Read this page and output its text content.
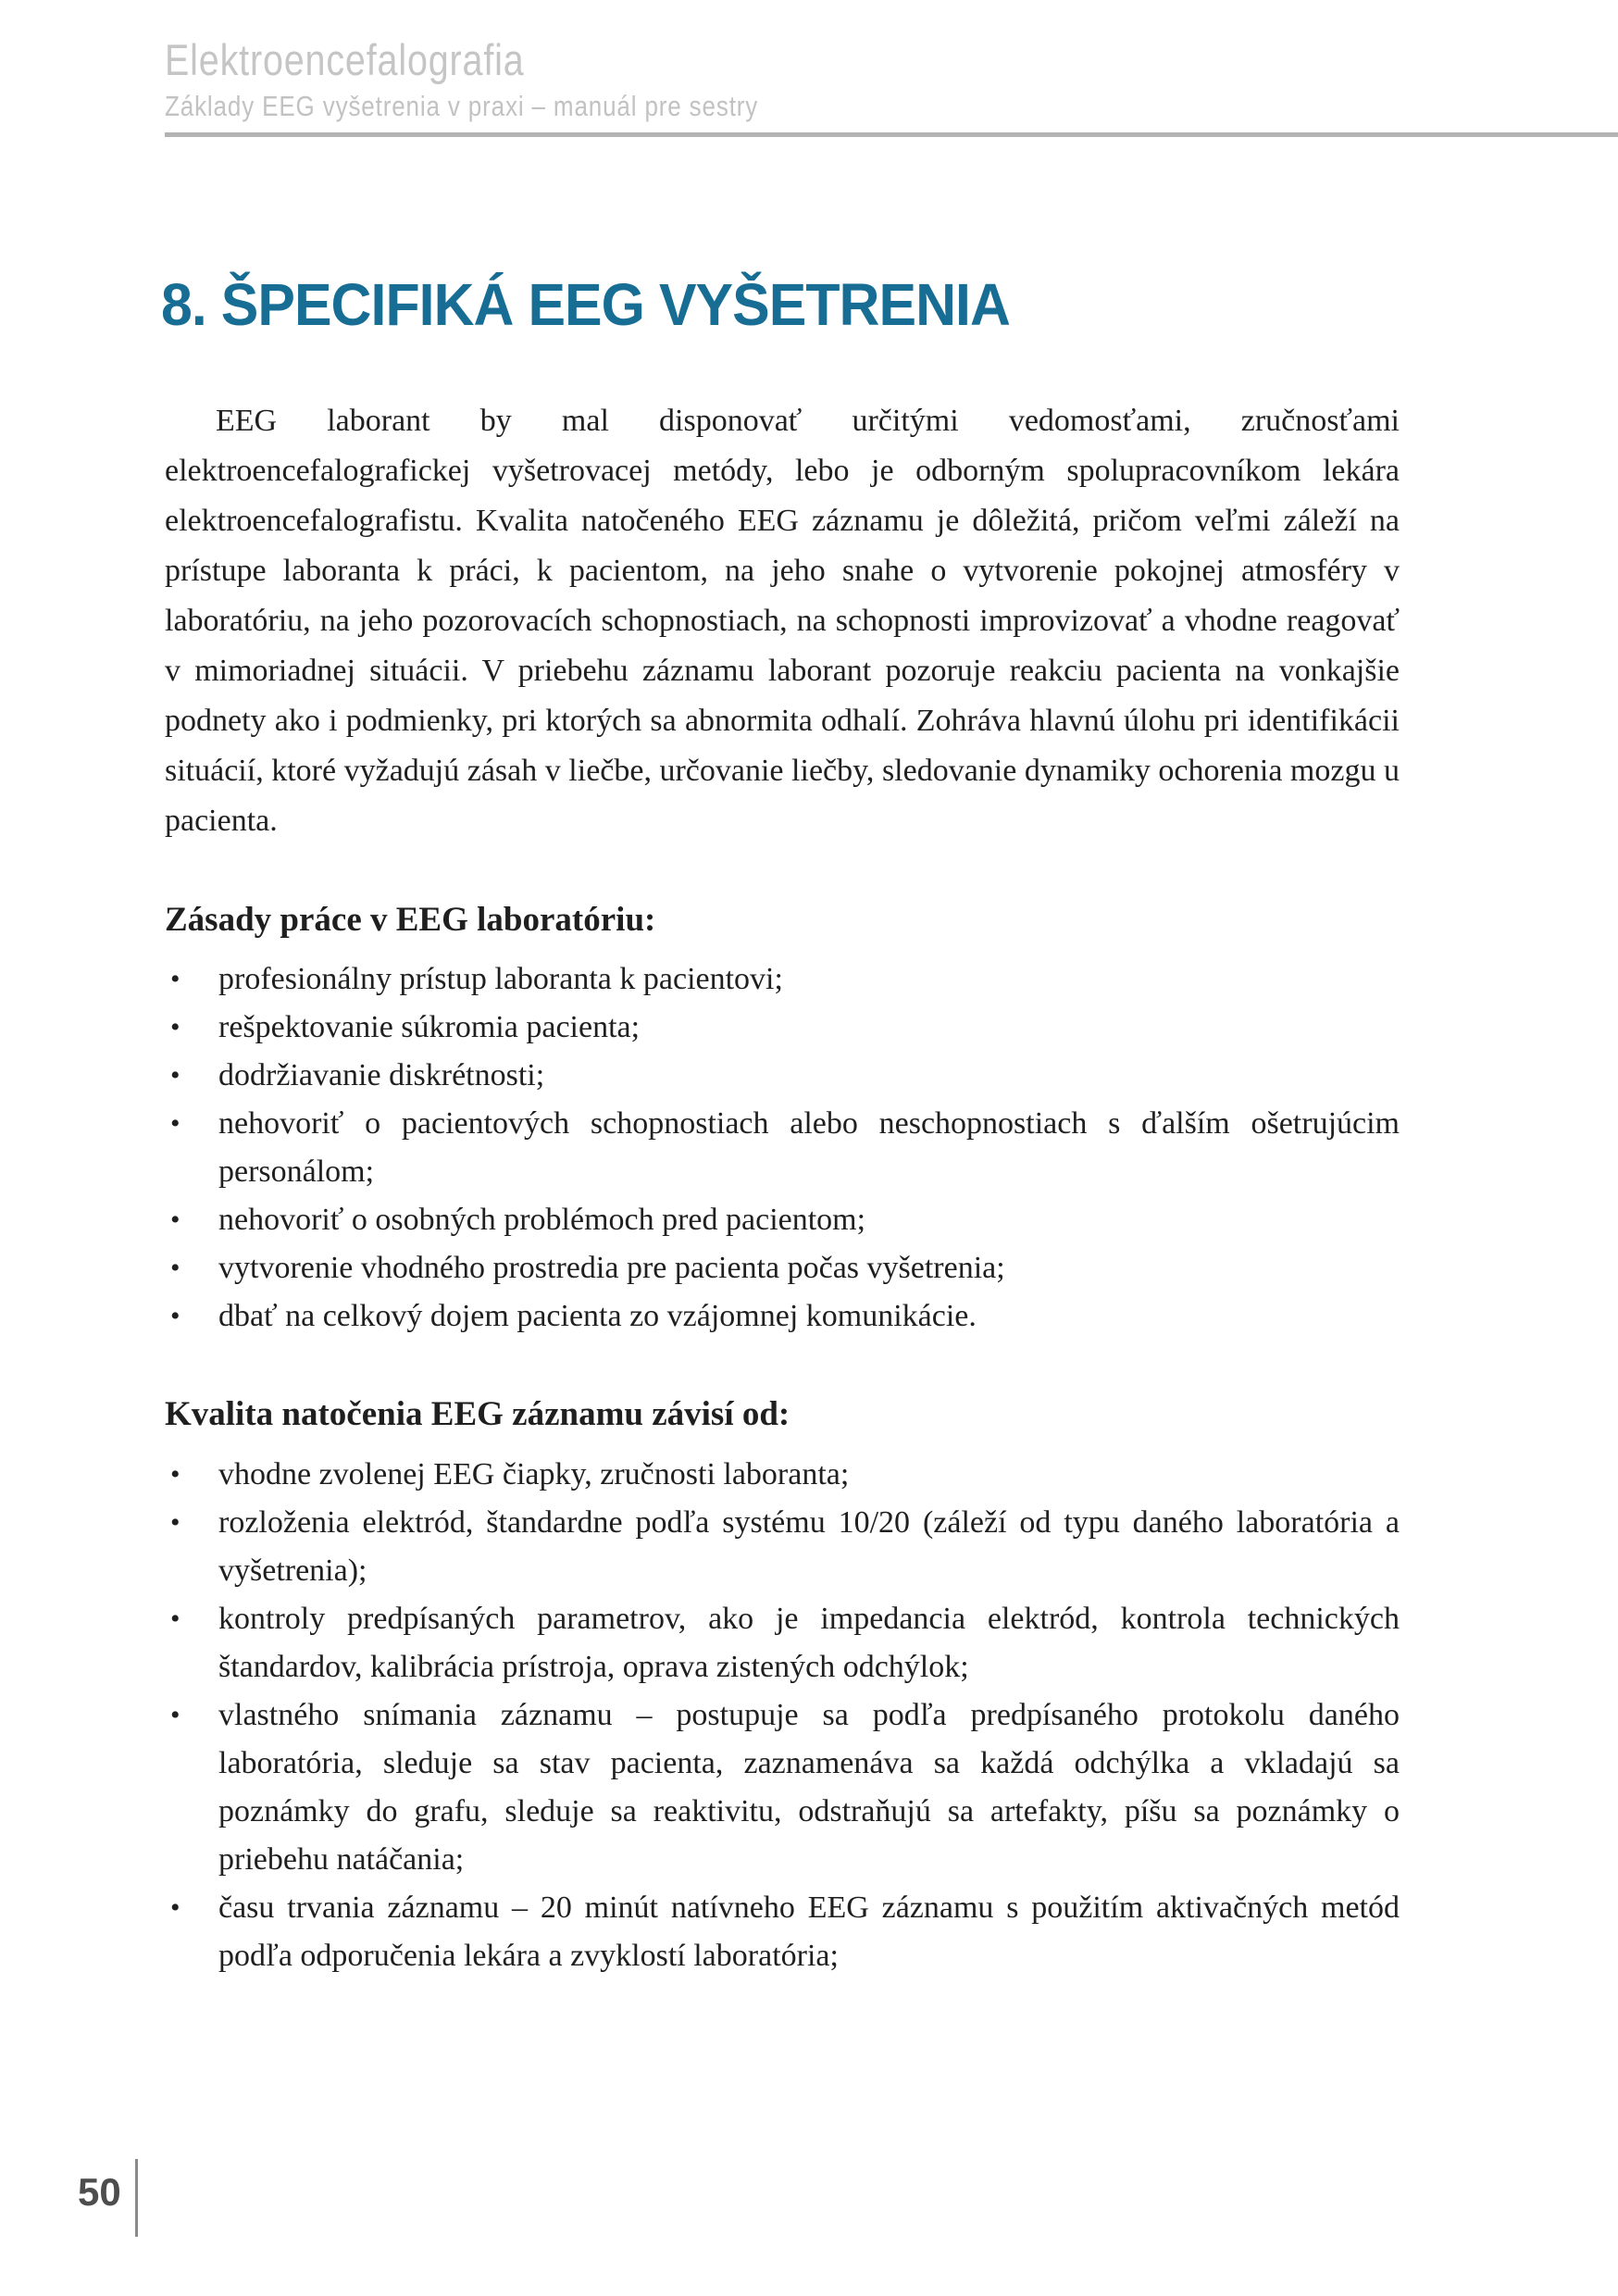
Elektroencefalografia
Základy EEG vyšetrenia v praxi – manuál pre sestry
8. ŠPECIFIKÁ EEG VYŠETRENIA

EEG laborant by mal disponovať určitými vedomosťami, zručnosťami elektroencefalografickej vyšetrovacej metódy, lebo je odborným spolupracovníkom lekára elektroencefalografistu. Kvalita natočeného EEG záznamu je dôležitá, pričom veľmi záleží na prístupe laboranta k práci, k pacientom, na jeho snahe o vytvorenie pokojnej atmosféry v laboratóriu, na jeho pozorovacích schopnostiach, na schopnosti improvizovať a vhodne reagovať v mimoriadnej situácii. V priebehu záznamu laborant pozoruje reakciu pacienta na vonkajšie podnety ako i podmienky, pri ktorých sa abnormita odhalí. Zohráva hlavnú úlohu pri identifikácii situácií, ktoré vyžadujú zásah v liečbe, určovanie liečby, sledovanie dynamiky ochorenia mozgu u pacienta.

Zásady práce v EEG laboratóriu:
• profesionálny prístup laboranta k pacientovi;
• rešpektovanie súkromia pacienta;
• dodržiavanie diskrétnosti;
• nehovoriť o pacientových schopnostiach alebo neschopnostiach s ďalším ošetrujúcim personálom;
• nehovoriť o osobných problémoch pred pacientom;
• vytvorenie vhodného prostredia pre pacienta počas vyšetrenia;
• dbať na celkový dojem pacienta zo vzájomnej komunikácie.
Kvalita natočenia EEG záznamu závisí od:
• vhodne zvolenej EEG čiapky, zručnosti laboranta;
• rozloženia elektród, štandardne podľa systému 10/20 (záleží od typu daného laboratória a vyšetrenia);
• kontroly predpísaných parametrov, ako je impedancia elektród, kontrola technických štandardov, kalibrácia prístroja, oprava zistených odchýlok;
• vlastného snímania záznamu – postupuje sa podľa predpísaného protokolu daného laboratória, sleduje sa stav pacienta, zaznamenáva sa každá odchýlka a vkladajú sa poznámky do grafu, sleduje sa reaktivitu, odstraňujú sa artefakty, píšu sa poznámky o priebehu natáčania;
• času trvania záznamu – 20 minút natívneho EEG záznamu s použitím aktivačných metód podľa odporučenia lekára a zvyklostí laboratória;
50
